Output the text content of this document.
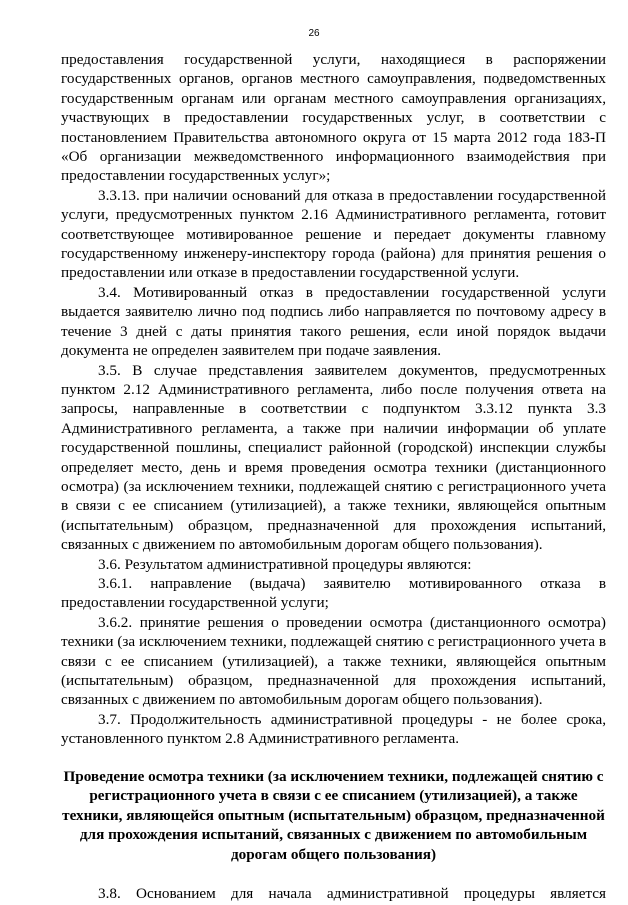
26

предоставления государственной услуги, находящиеся в распоряжении государственных органов, органов местного самоуправления, подведомственных государственным органам или органам местного самоуправления организациях, участвующих в предоставлении государственных услуг, в соответствии с постановлением Правительства автономного округа от 15 марта 2012 года 183-П «Об организации межведомственного информационного взаимодействия при предоставлении государственных услуг»;

3.3.13. при наличии оснований для отказа в предоставлении государственной услуги, предусмотренных пунктом 2.16 Административного регламента, готовит соответствующее мотивированное решение и передает документы главному государственному инженеру-инспектору города (района) для принятия решения о предоставлении или отказе в предоставлении государственной услуги.

3.4. Мотивированный отказ в предоставлении государственной услуги выдается заявителю лично под подпись либо направляется по почтовому адресу в течение 3 дней с даты принятия такого решения, если иной порядок выдачи документа не определен заявителем при подаче заявления.

3.5. В случае представления заявителем документов, предусмотренных пунктом 2.12 Административного регламента, либо после получения ответа на запросы, направленные в соответствии с подпунктом 3.3.12 пункта 3.3 Административного регламента, а также при наличии информации об уплате государственной пошлины, специалист районной (городской) инспекции службы определяет место, день и время проведения осмотра техники (дистанционного осмотра) (за исключением техники, подлежащей снятию с регистрационного учета в связи с ее списанием (утилизацией), а также техники, являющейся опытным (испытательным) образцом, предназначенной для прохождения испытаний, связанных с движением по автомобильным дорогам общего пользования).

3.6. Результатом административной процедуры являются:

3.6.1. направление (выдача) заявителю мотивированного отказа в предоставлении государственной услуги;

3.6.2. принятие решения о проведении осмотра (дистанционного осмотра) техники (за исключением техники, подлежащей снятию с регистрационного учета в связи с ее списанием (утилизацией), а также техники, являющейся опытным (испытательным) образцом, предназначенной для прохождения испытаний, связанных с движением по автомобильным дорогам общего пользования).

3.7. Продолжительность административной процедуры - не более срока, установленного пунктом 2.8 Административного регламента.

Проведение осмотра техники (за исключением техники, подлежащей снятию с регистрационного учета в связи с ее списанием (утилизацией), а также техники, являющейся опытным (испытательным) образцом, предназначенной для прохождения испытаний, связанных с движением по автомобильным дорогам общего пользования)

3.8. Основанием для начала административной процедуры является
